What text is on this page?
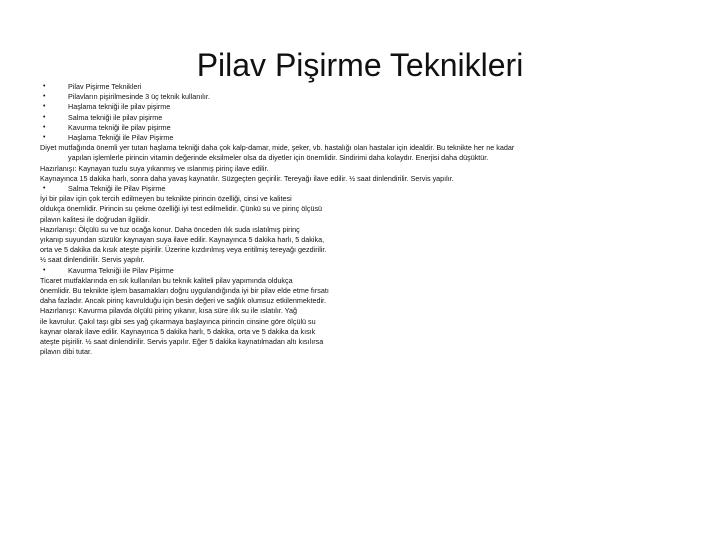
Pilav Pişirme Teknikleri

•	Pilav Pişirme Teknikleri

•	Pilavların pişirilmesinde 3 üç teknik kullanılır.

•	Haşlama tekniği ile pilav pişirme

•	Salma tekniği ile pilav pişirme

•	Kavurma tekniği ile pilav pişirme

•	Haşlama Tekniği ile Pilav Pişirme

Diyet mutfağında önemli yer tutan haşlama tekniği daha çok kalp-damar, mide, şeker, vb. hastalığı olan hastalar için idealdir. Bu teknikte her ne kadar

yapılan işlemlerle pirincin vitamin değerinde eksilmeler olsa da diyetler için önemlidir. Sindirimi daha kolaydır. Enerjisi daha düşüktür.

Hazırlanışı: Kaynayan tuzlu suya yıkanmış ve ıslanmış pirinç ilave edilir.

Kaynayınca 15 dakika harlı, sonra daha yavaş kaynatılır. Süzgeçten geçirilir. Tereyağı ilave edilir. ½ saat dinlendirilir. Servis yapılır.

•	Salma Tekniği ile Pilav Pişirme

İyi bir pilav için çok tercih edilmeyen bu teknikte pirincin özelliği, cinsi ve kalitesi

oldukça önemlidir. Pirincin su çekme özelliği iyi test edilmelidir. Çünkü su ve pirinç ölçüsü

pilavın kalitesi ile doğrudan ilgilidir.

Hazırlanışı: Ölçülü su ve tuz ocağa konur. Daha önceden ılık suda ıslatılmış pirinç

yıkanıp suyundan süzülür kaynayan suya ilave edilir. Kaynayınca 5 dakika harlı, 5 dakika,

orta ve 5 dakika da kısık ateşte pişirilir. Üzerine kızdırılmış veya eritilmiş tereyağı gezdirilir.

½ saat dinlendirilir. Servis yapılır.

•	Kavurma Tekniği ile Pilav Pişirme

Ticaret mutfaklarında en sık kullanılan bu teknik kaliteli pilav yapımında oldukça

önemlidir. Bu teknikte işlem basamakları doğru uygulandığında iyi bir pilav elde etme fırsatı

daha fazladır. Ancak pirinç kavrulduğu için besin değeri ve sağlık olumsuz etkilenmektedir.

Hazırlanışı: Kavurma pilavda ölçülü pirinç yıkanır, kısa süre ılık su ile ıslatılır. Yağ

ile kavrulur. Çakıl taşı gibi ses yağ çıkarmaya başlayınca pirincin cinsine göre ölçülü su

kaynar olarak ilave edilir. Kaynayınca 5 dakika harlı, 5 dakika, orta ve 5 dakika da kısık

ateşte pişirilir. ½ saat dinlendirilir. Servis yapılır. Eğer 5 dakika kaynatılmadan altı kısılırsa

pilavın dibi tutar.
